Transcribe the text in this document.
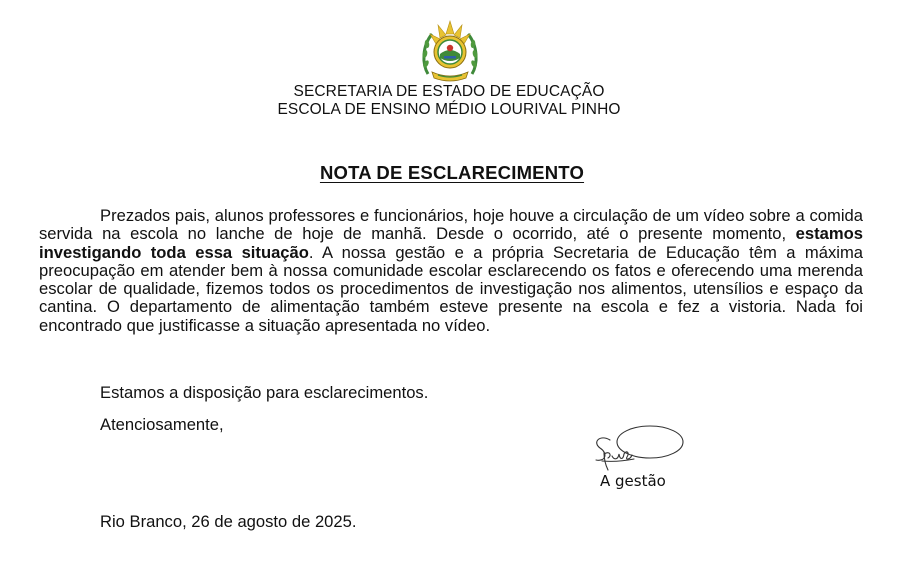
SECRETARIA DE ESTADO DE EDUCAÇÃO
ESCOLA DE ENSINO MÉDIO LOURIVAL PINHO
NOTA DE ESCLARECIMENTO

Prezados pais, alunos professores e funcionários, hoje houve a circulação de um vídeo sobre a comida servida na escola no lanche de hoje de manhã. Desde o ocorrido, até o presente momento, estamos investigando toda essa situação. A nossa gestão e a própria Secretaria de Educação têm a máxima preocupação em atender bem à nossa comunidade escolar esclarecendo os fatos e oferecendo uma merenda escolar de qualidade, fizemos todos os procedimentos de investigação nos alimentos, utensílios e espaço da cantina. O departamento de alimentação também esteve presente na escola e fez a vistoria. Nada foi encontrado que justificasse a situação apresentada no vídeo.

Estamos a disposição para esclarecimentos.

Atenciosamente,

A gestão

Rio Branco, 26 de agosto de 2025.
